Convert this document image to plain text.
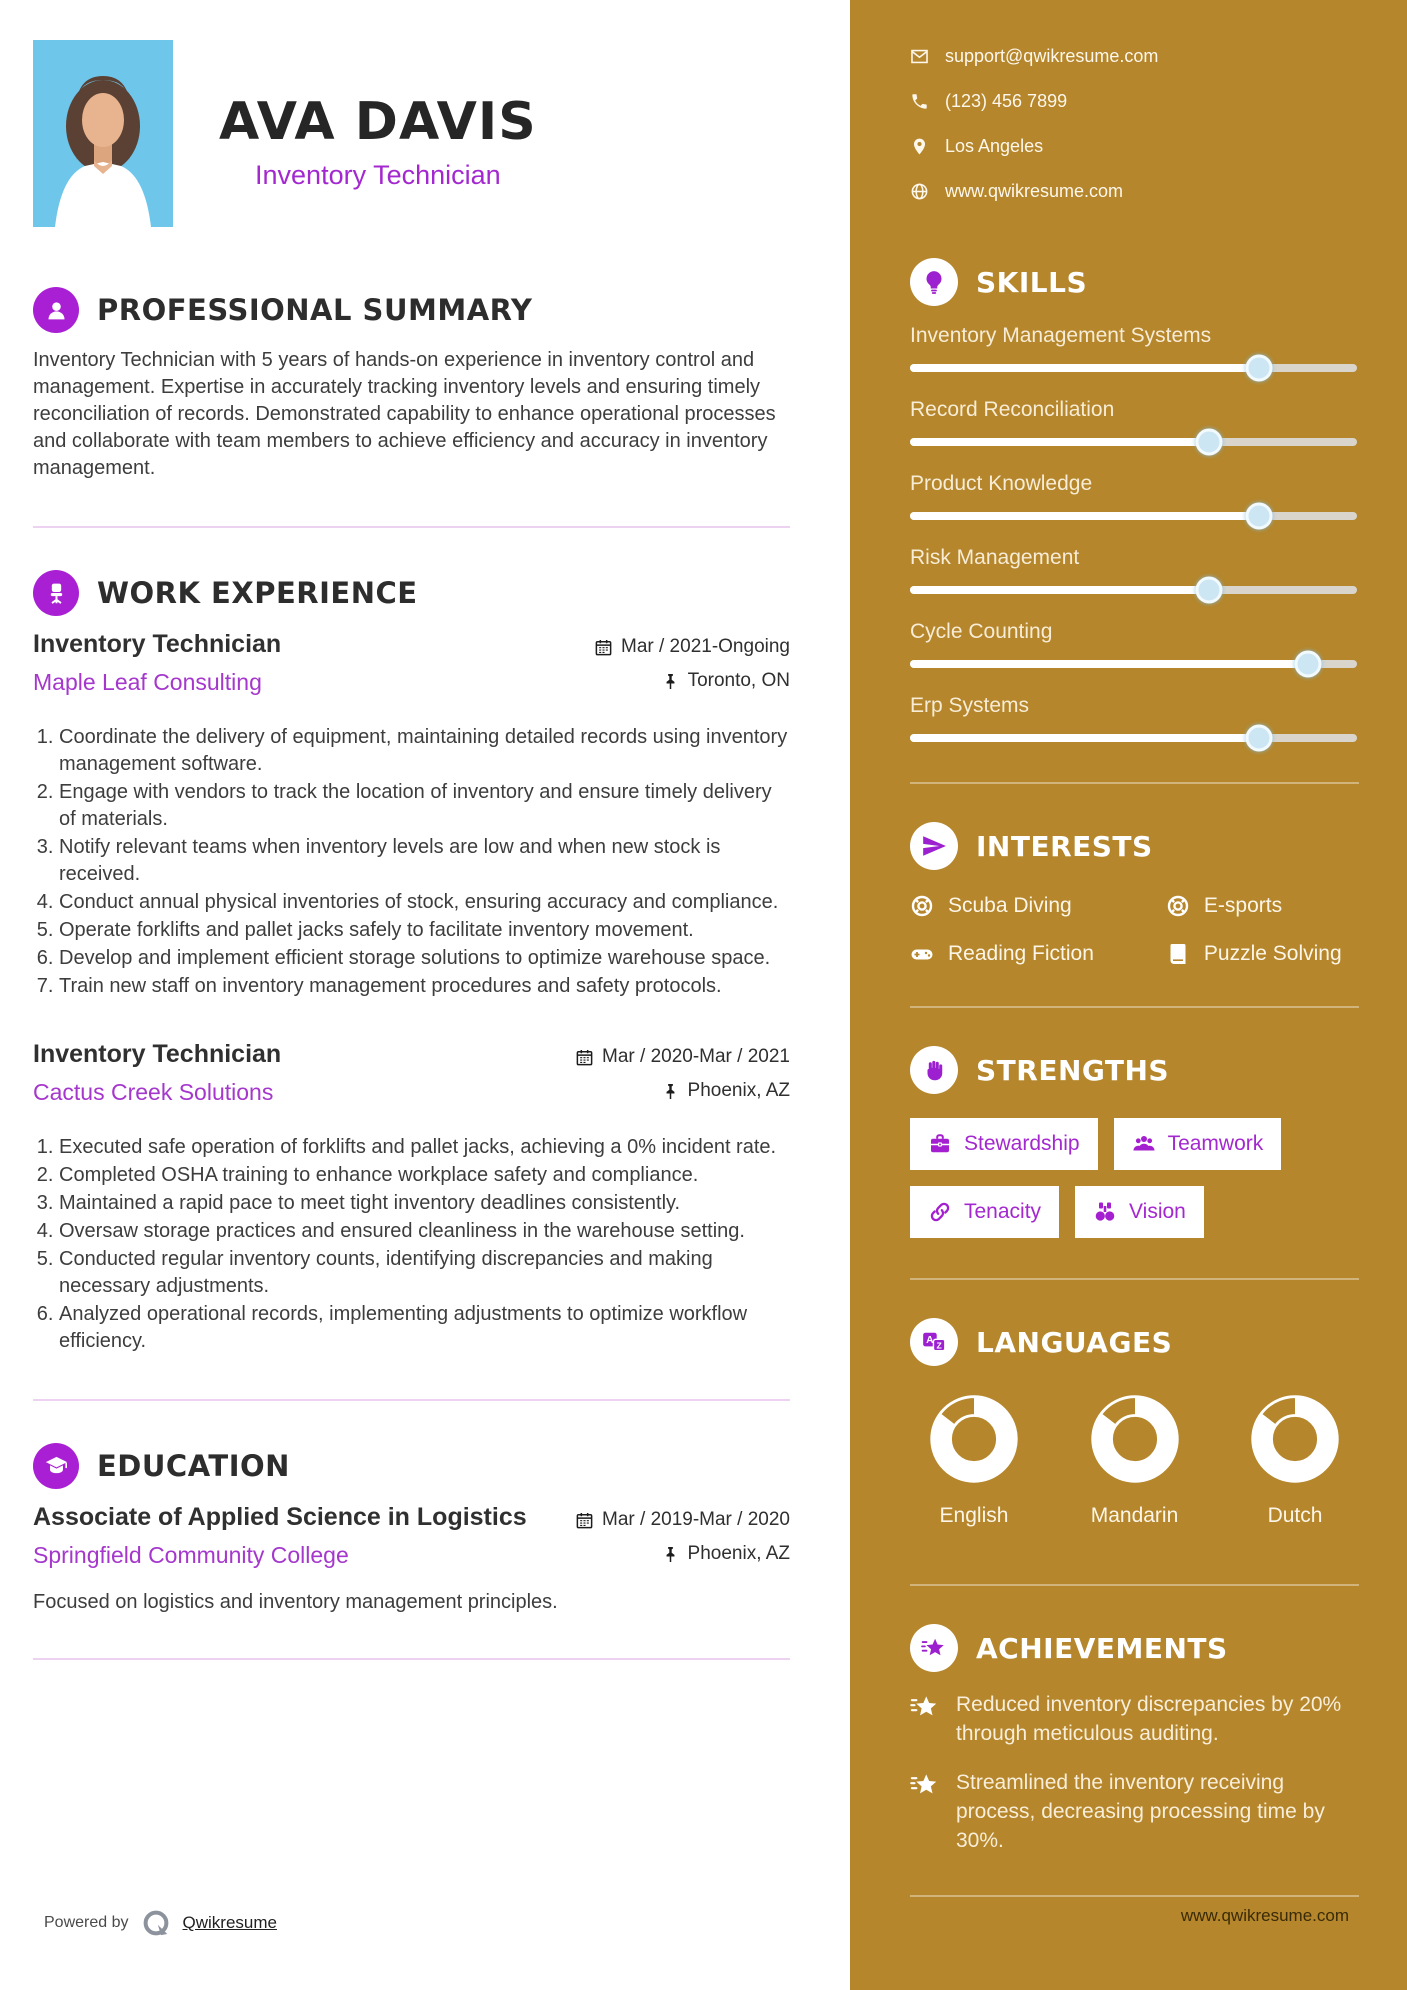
AVA DAVIS
Inventory Technician
PROFESSIONAL SUMMARY

Inventory Technician with 5 years of hands-on experience in inventory control and management. Expertise in accurately tracking inventory levels and ensuring timely reconciliation of records. Demonstrated capability to enhance operational processes and collaborate with team members to achieve efficiency and accuracy in inventory management.

WORK EXPERIENCE
Inventory Technician
Maple Leaf Consulting
Mar / 2021-Ongoing
Toronto, ON
1. Coordinate the delivery of equipment, maintaining detailed records using inventory management software.
2. Engage with vendors to track the location of inventory and ensure timely delivery of materials.
3. Notify relevant teams when inventory levels are low and when new stock is received.
4. Conduct annual physical inventories of stock, ensuring accuracy and compliance.
5. Operate forklifts and pallet jacks safely to facilitate inventory movement.
6. Develop and implement efficient storage solutions to optimize warehouse space.
7. Train new staff on inventory management procedures and safety protocols.
Inventory Technician
Cactus Creek Solutions
Mar / 2020-Mar / 2021
Phoenix, AZ
1. Executed safe operation of forklifts and pallet jacks, achieving a 0% incident rate.
2. Completed OSHA training to enhance workplace safety and compliance.
3. Maintained a rapid pace to meet tight inventory deadlines consistently.
4. Oversaw storage practices and ensured cleanliness in the warehouse setting.
5. Conducted regular inventory counts, identifying discrepancies and making necessary adjustments.
6. Analyzed operational records, implementing adjustments to optimize workflow efficiency.
EDUCATION
Associate of Applied Science in Logistics
Springfield Community College
Mar / 2019-Mar / 2020
Phoenix, AZ
Focused on logistics and inventory management principles.
Powered by	Qwikresume
support@qwikresume.com
(123) 456 7899
Los Angeles
www.qwikresume.com
SKILLS
Inventory Management Systems
Record Reconciliation
Product Knowledge
Risk Management
Cycle Counting
Erp Systems
INTERESTS
Scuba Diving	E-sports
Reading Fiction	Puzzle Solving
STRENGTHS
Stewardship	Teamwork
Tenacity	Vision
LANGUAGES
English	Mandarin	Dutch
ACHIEVEMENTS
Reduced inventory discrepancies by 20% through meticulous auditing.
Streamlined the inventory receiving process, decreasing processing time by 30%.
www.qwikresume.com
